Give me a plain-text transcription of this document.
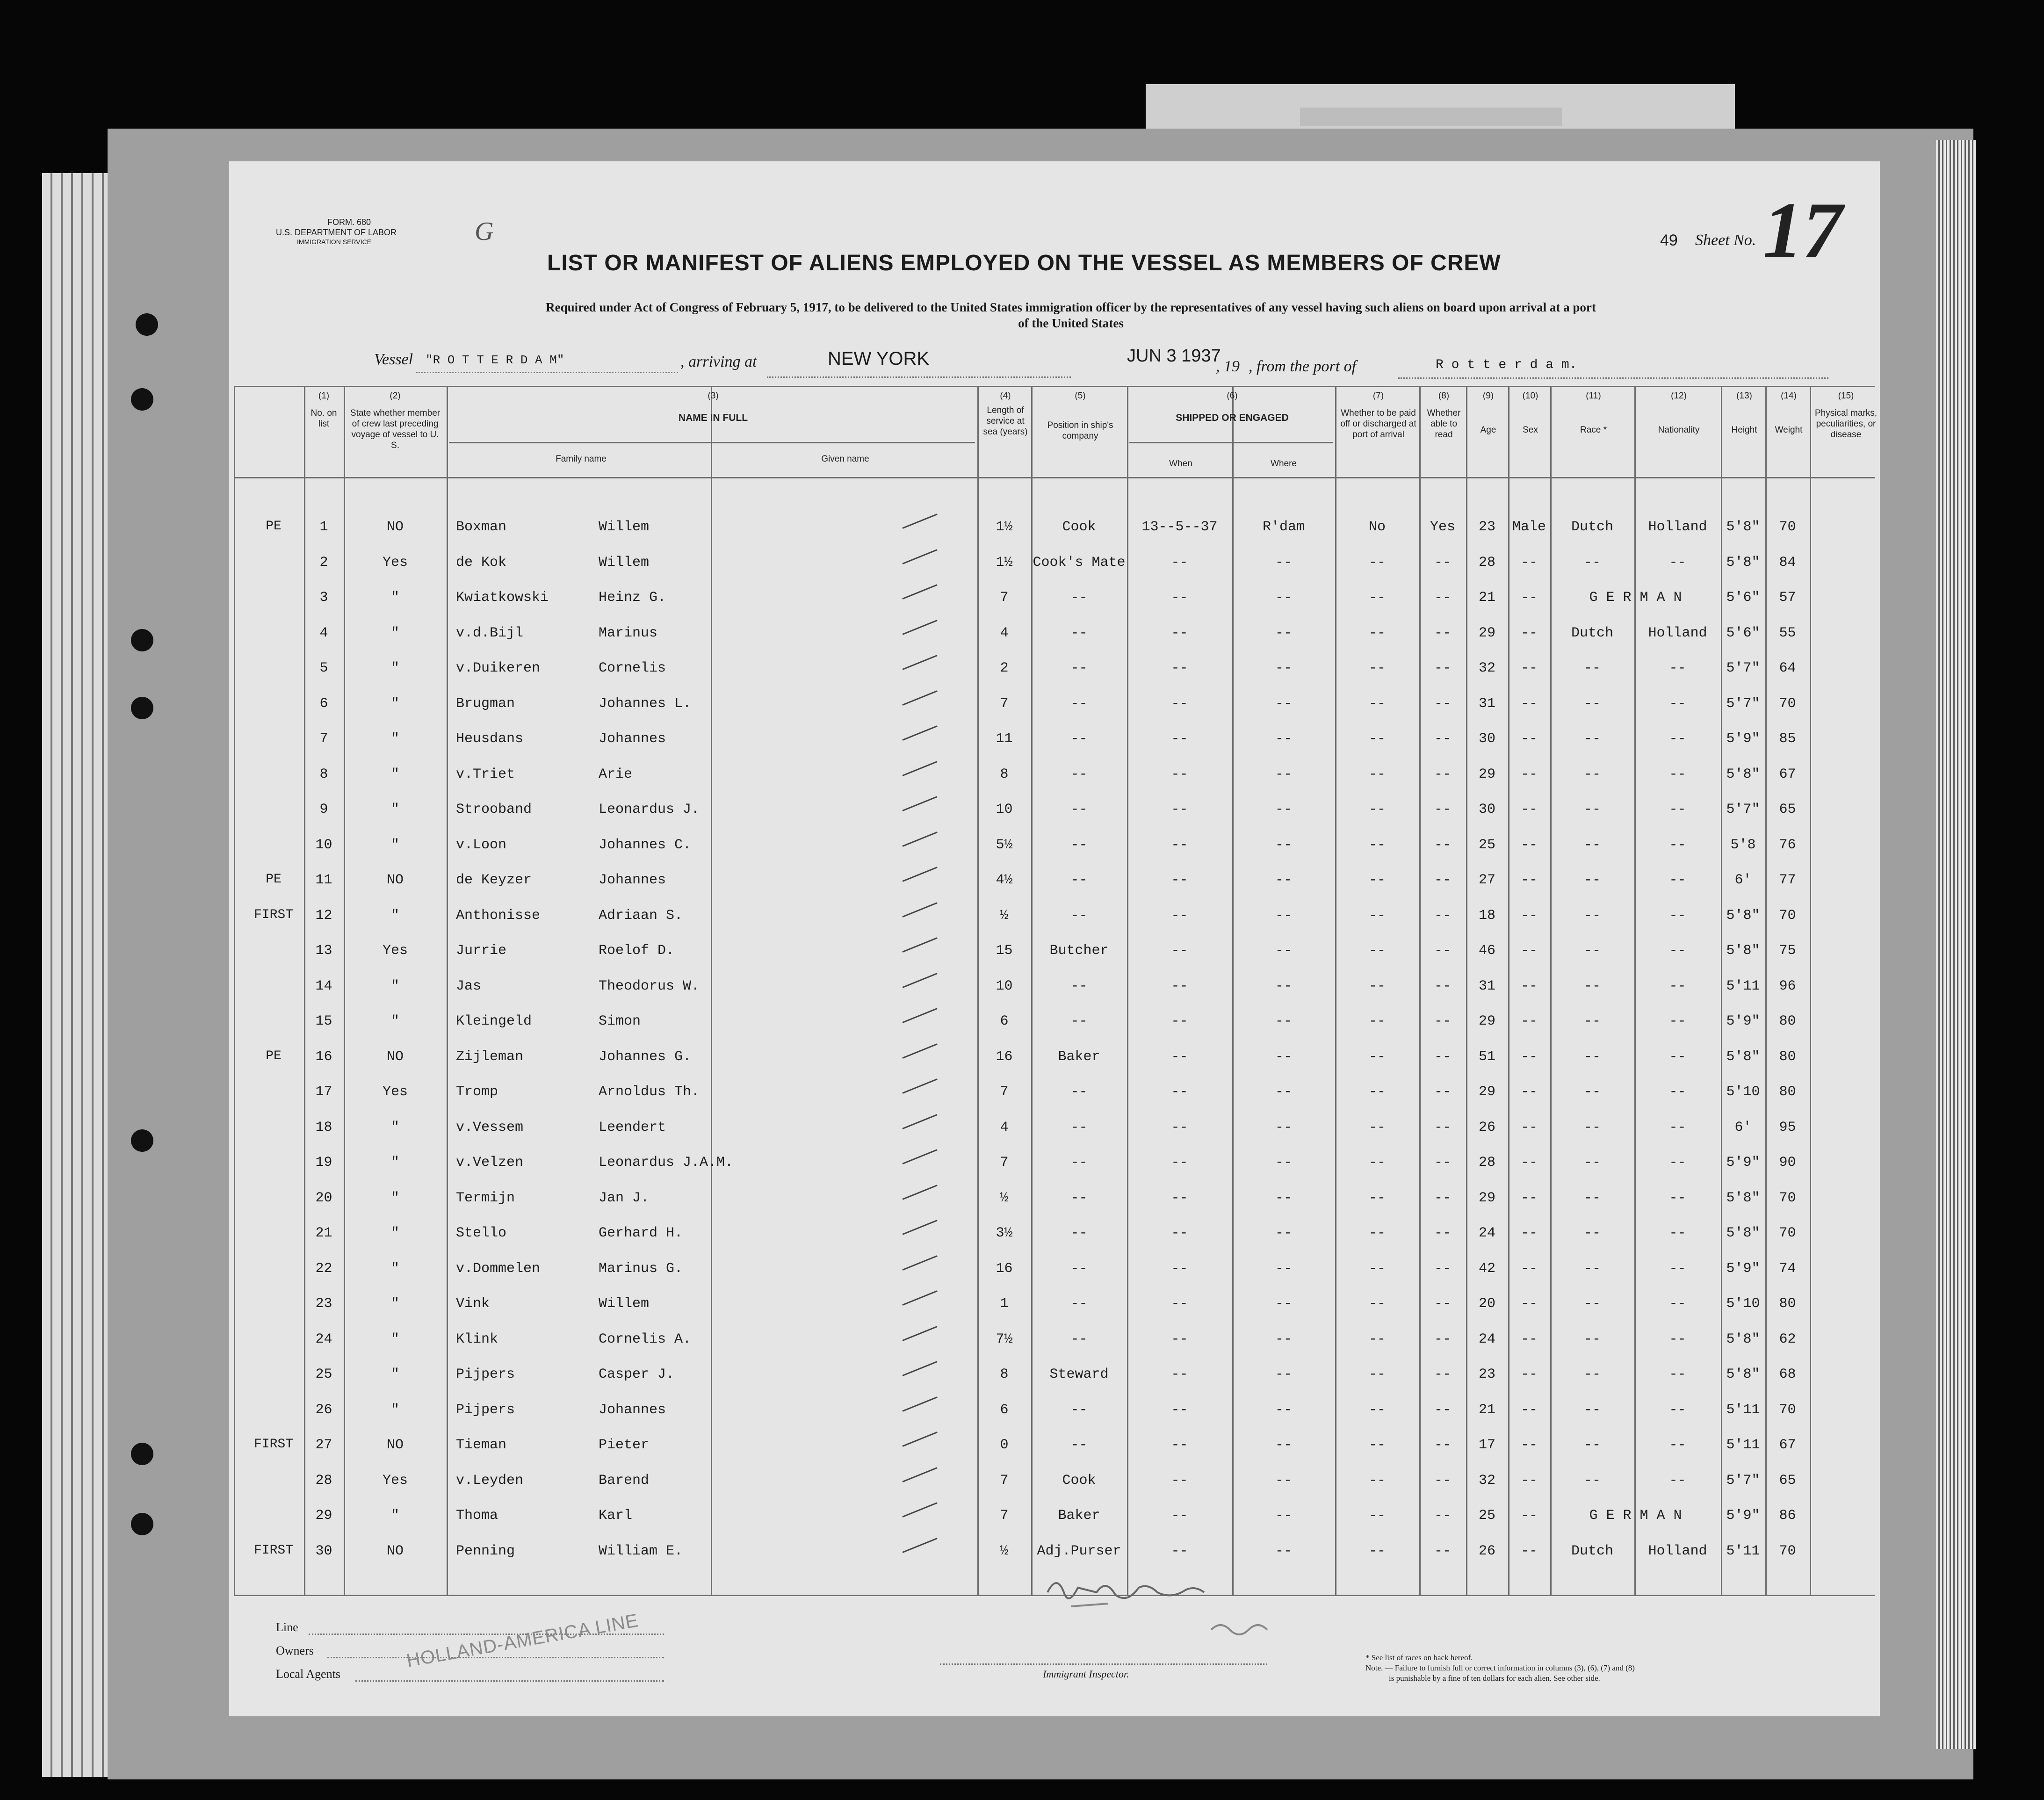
FORM. 680
U.S. DEPARTMENT OF LABOR
IMMIGRATION SERVICE	G
LIST OR MANIFEST OF ALIENS EMPLOYED ON THE VESSEL AS MEMBERS OF CREW
Required under Act of Congress of February 5, 1917, to be delivered to the United States immigration officer by the representatives of any vessel having such aliens on board upon arrival at a port
of the United States
49 Sheet No. 17
Vessel "R O T T E R D A M"	, arriving at	NEW YORK	JUN 3 1937
, 19 , from the port of	R o t t e r d a m.
(1)
No. on list
(2)
State whether member of crew last preceding voyage of vessel to U. S.
(3)
NAME IN FULL
Family name	Given name
(4)
Length of service at sea (years)
(5)
Position in ship's company
(6)
SHIPPED OR ENGAGED
When	Where
(7)
Whether to be paid off or discharged at port of arrival
(8)
Whether able to read
(9)
Age
(10)
Sex
(11)
Race *
(12)
Nationality
(13)
Height
(14)
Weight
(15)
Physical marks, peculiarities, or disease
PE	1	NO	Boxman	Willem	1½	Cook	13--5--37	R'dam	No	Yes	23	Male	Dutch	Holland	5'8"	70
2	Yes	de Kok	Willem	1½	Cook's Mate	--	--	--	--	28	--	--	--	5'8"	84
3	"	Kwiatkowski	Heinz G.	7	--	--	--	--	--	21	--	G E R M A N	5'6"	57
4	"	v.d.Bijl	Marinus	4	--	--	--	--	--	29	--	Dutch	Holland	5'6"	55
5	"	v.Duikeren	Cornelis	2	--	--	--	--	--	32	--	--	--	5'7"	64
6	"	Brugman	Johannes L.	7	--	--	--	--	--	31	--	--	--	5'7"	70
7	"	Heusdans	Johannes	11	--	--	--	--	--	30	--	--	--	5'9"	85
8	"	v.Triet	Arie	8	--	--	--	--	--	29	--	--	--	5'8"	67
9	"	Strooband	Leonardus J.	10	--	--	--	--	--	30	--	--	--	5'7"	65
10	"	v.Loon	Johannes C.	5½	--	--	--	--	--	25	--	--	--	5'8	76
PE	11	NO	de Keyzer	Johannes	4½	--	--	--	--	--	27	--	--	--	6'	77
FIRST	12	"	Anthonisse	Adriaan S.	½	--	--	--	--	--	18	--	--	--	5'8"	70
13	Yes	Jurrie	Roelof D.	15	Butcher	--	--	--	--	46	--	--	--	5'8"	75
14	"	Jas	Theodorus W.	10	--	--	--	--	--	31	--	--	--	5'11	96
15	"	Kleingeld	Simon	6	--	--	--	--	--	29	--	--	--	5'9"	80
PE	16	NO	Zijleman	Johannes G.	16	Baker	--	--	--	--	51	--	--	--	5'8"	80
17	Yes	Tromp	Arnoldus Th.	7	--	--	--	--	--	29	--	--	--	5'10	80
18	"	v.Vessem	Leendert	4	--	--	--	--	--	26	--	--	--	6'	95
19	"	v.Velzen	Leonardus J.A.M.	7	--	--	--	--	--	28	--	--	--	5'9"	90
20	"	Termijn	Jan J.	½	--	--	--	--	--	29	--	--	--	5'8"	70
21	"	Stello	Gerhard H.	3½	--	--	--	--	--	24	--	--	--	5'8"	70
22	"	v.Dommelen	Marinus G.	16	--	--	--	--	--	42	--	--	--	5'9"	74
23	"	Vink	Willem	1	--	--	--	--	--	20	--	--	--	5'10	80
24	"	Klink	Cornelis A.	7½	--	--	--	--	--	24	--	--	--	5'8"	62
25	"	Pijpers	Casper J.	8	Steward	--	--	--	--	23	--	--	--	5'8"	68
26	"	Pijpers	Johannes	6	--	--	--	--	--	21	--	--	--	5'11	70
FIRST	27	NO	Tieman	Pieter	0	--	--	--	--	--	17	--	--	--	5'11	67
28	Yes	v.Leyden	Barend	7	Cook	--	--	--	--	32	--	--	--	5'7"	65
29	"	Thoma	Karl	7	Baker	--	--	--	--	25	--	G E R M A N	5'9"	86
FIRST	30	NO	Penning	William E.	½	Adj.Purser	--	--	--	--	26	--	Dutch	Holland	5'11	70
Line
Owners
Local Agents
HOLLAND-AMERICA LINE
Immigrant Inspector.
* See list of races on back hereof.
Note. — Failure to furnish full or correct information in columns (3), (6), (7) and (8)
is punishable by a fine of ten dollars for each alien. See other side.
